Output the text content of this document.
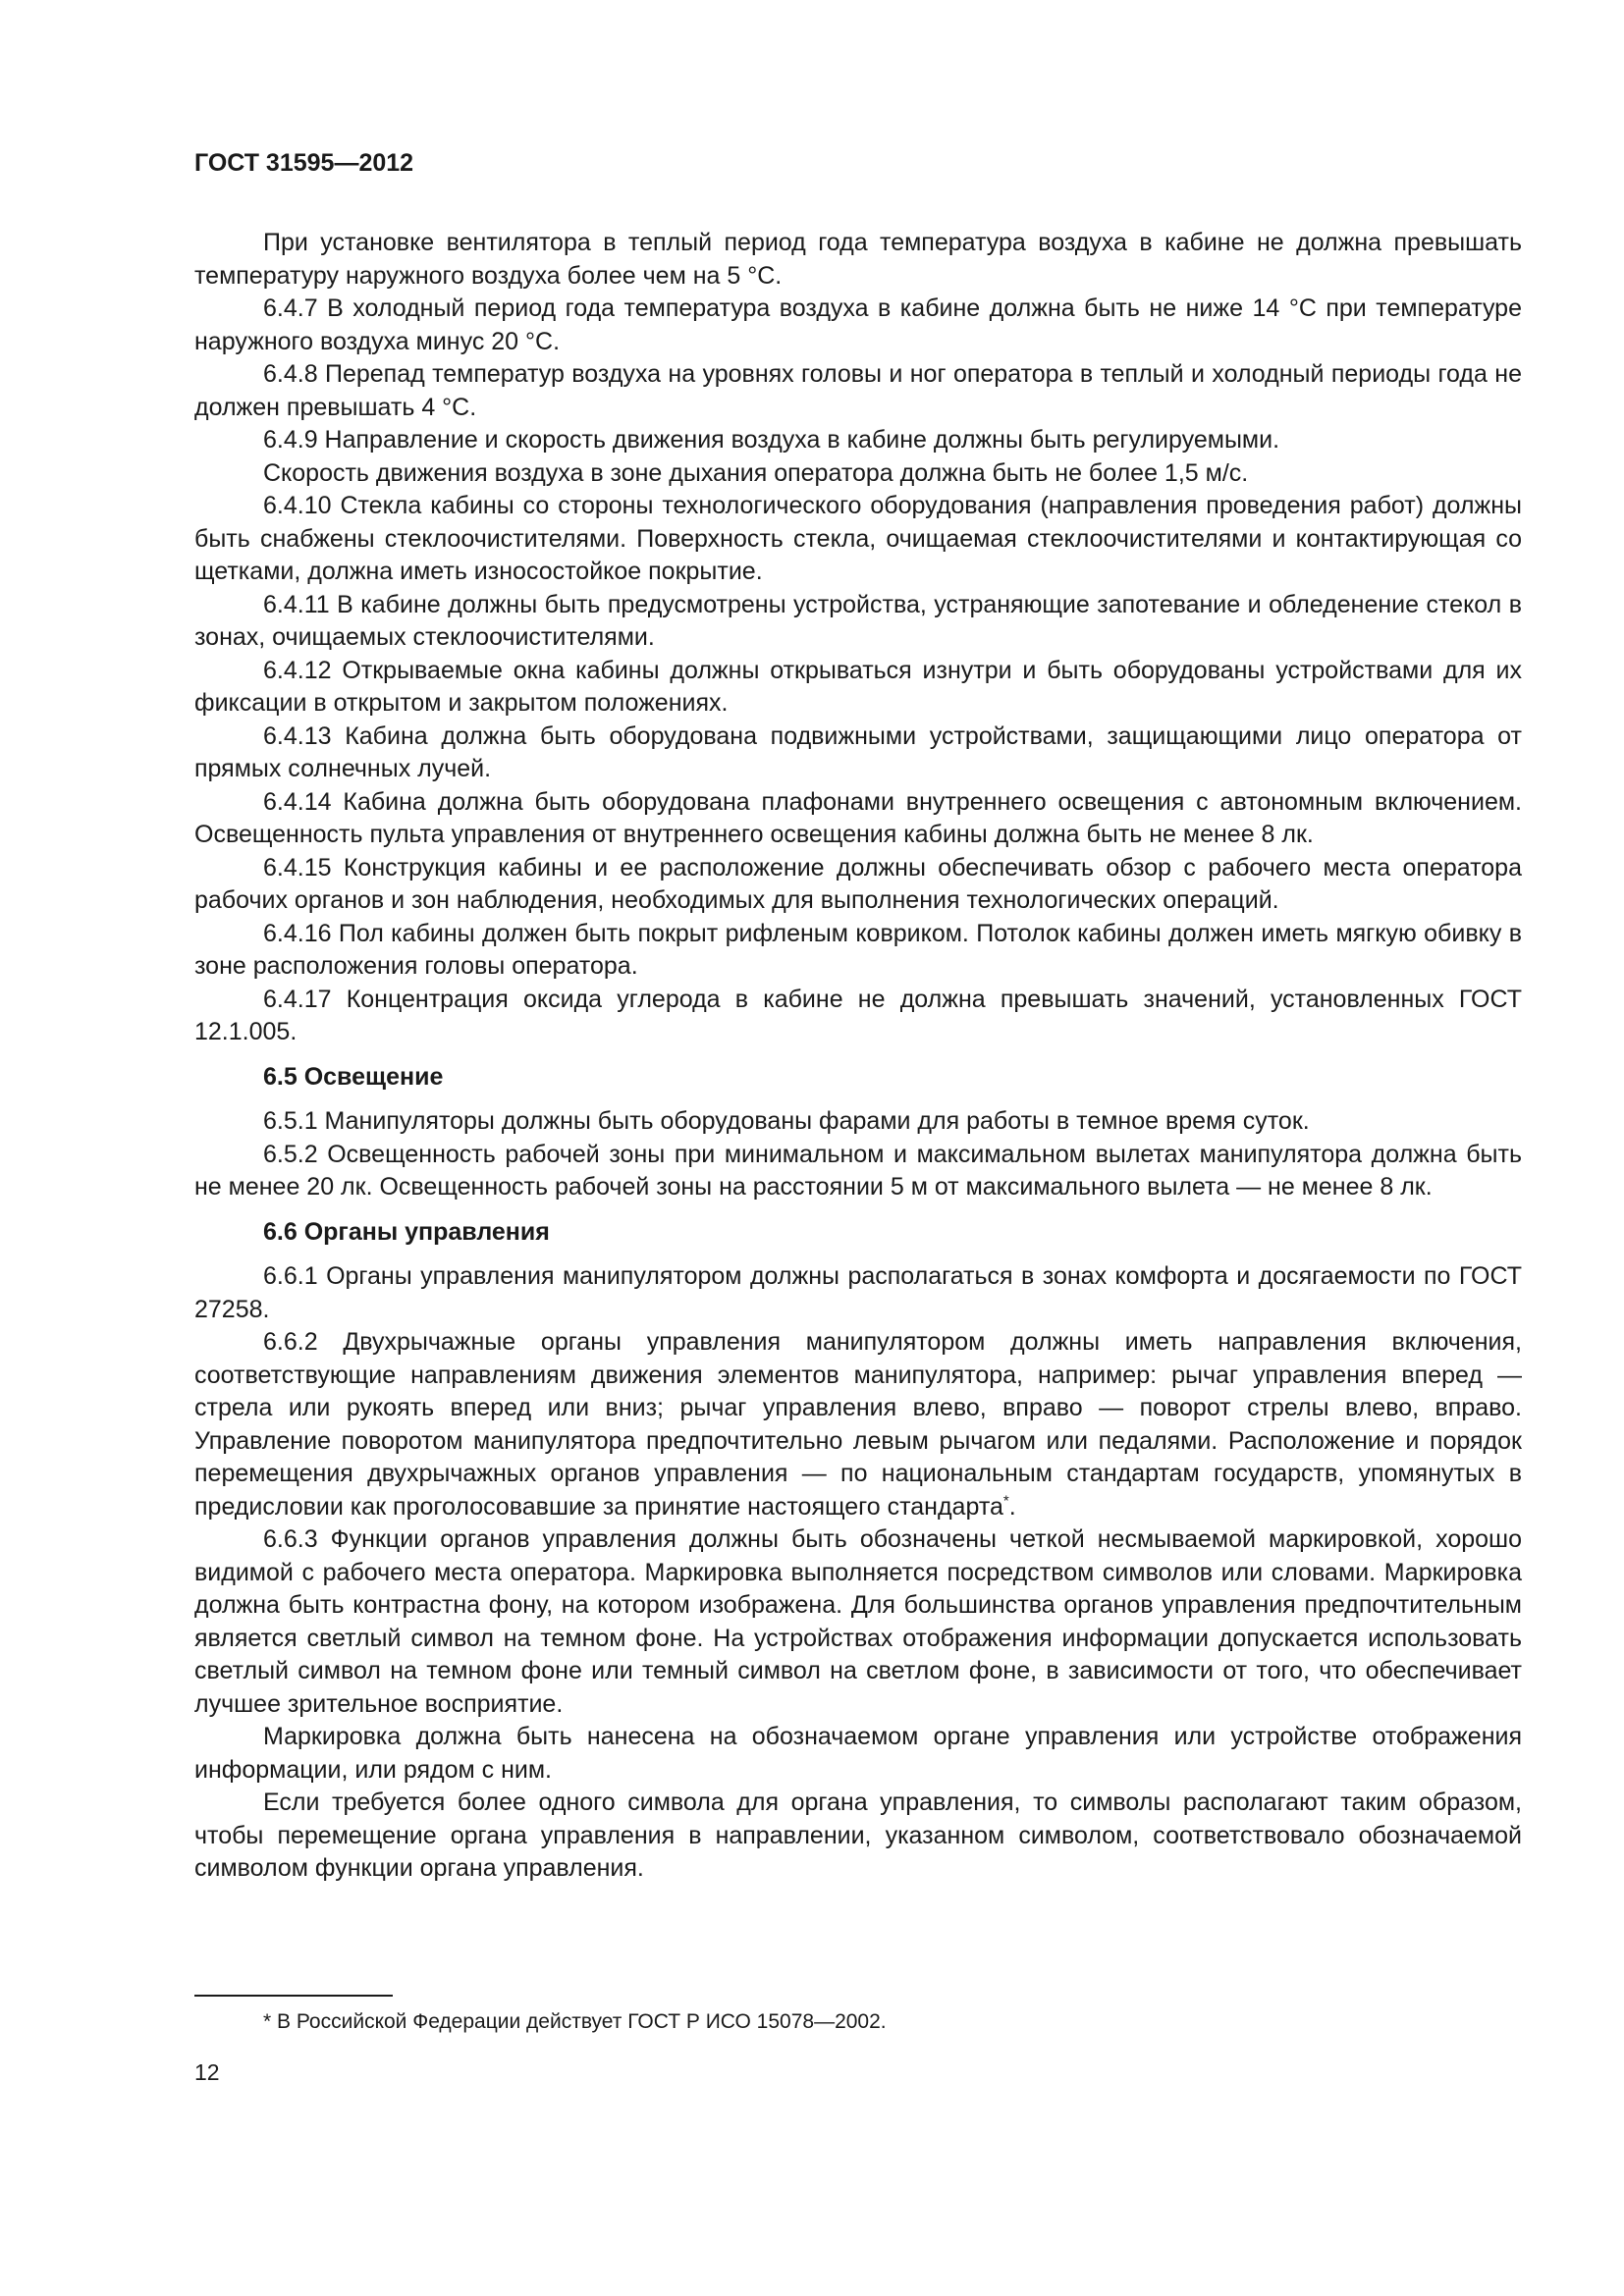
ГОСТ 31595—2012

При установке вентилятора в теплый период года температура воздуха в кабине не должна превышать температуру наружного воздуха более чем на 5 °C.

6.4.7 В холодный период года температура воздуха в кабине должна быть не ниже 14 °C при температуре наружного воздуха минус 20 °C.

6.4.8 Перепад температур воздуха на уровнях головы и ног оператора в теплый и холодный периоды года не должен превышать 4 °C.

6.4.9 Направление и скорость движения воздуха в кабине должны быть регулируемыми.

Скорость движения воздуха в зоне дыхания оператора должна быть не более 1,5 м/с.

6.4.10 Стекла кабины со стороны технологического оборудования (направления проведения работ) должны быть снабжены стеклоочистителями. Поверхность стекла, очищаемая стеклоочистителями и контактирующая со щетками, должна иметь износостойкое покрытие.

6.4.11 В кабине должны быть предусмотрены устройства, устраняющие запотевание и обледенение стекол в зонах, очищаемых стеклоочистителями.

6.4.12 Открываемые окна кабины должны открываться изнутри и быть оборудованы устройствами для их фиксации в открытом и закрытом положениях.

6.4.13 Кабина должна быть оборудована подвижными устройствами, защищающими лицо оператора от прямых солнечных лучей.

6.4.14 Кабина должна быть оборудована плафонами внутреннего освещения с автономным включением. Освещенность пульта управления от внутреннего освещения кабины должна быть не менее 8 лк.

6.4.15 Конструкция кабины и ее расположение должны обеспечивать обзор с рабочего места оператора рабочих органов и зон наблюдения, необходимых для выполнения технологических операций.

6.4.16 Пол кабины должен быть покрыт рифленым ковриком. Потолок кабины должен иметь мягкую обивку в зоне расположения головы оператора.

6.4.17 Концентрация оксида углерода в кабине не должна превышать значений, установленных ГОСТ 12.1.005.

6.5 Освещение

6.5.1 Манипуляторы должны быть оборудованы фарами для работы в темное время суток.

6.5.2 Освещенность рабочей зоны при минимальном и максимальном вылетах манипулятора должна быть не менее 20 лк. Освещенность рабочей зоны на расстоянии 5 м от максимального вылета — не менее 8 лк.

6.6 Органы управления

6.6.1 Органы управления манипулятором должны располагаться в зонах комфорта и досягаемости по ГОСТ 27258.

6.6.2 Двухрычажные органы управления манипулятором должны иметь направления включения, соответствующие направлениям движения элементов манипулятора, например: рычаг управления вперед — стрела или рукоять вперед или вниз; рычаг управления влево, вправо — поворот стрелы влево, вправо. Управление поворотом манипулятора предпочтительно левым рычагом или педалями. Расположение и порядок перемещения двухрычажных органов управления — по национальным стандартам государств, упомянутых в предисловии как проголосовавшие за принятие настоящего стандарта*.

6.6.3 Функции органов управления должны быть обозначены четкой несмываемой маркировкой, хорошо видимой с рабочего места оператора. Маркировка выполняется посредством символов или словами. Маркировка должна быть контрастна фону, на котором изображена. Для большинства органов управления предпочтительным является светлый символ на темном фоне. На устройствах отображения информации допускается использовать светлый символ на темном фоне или темный символ на светлом фоне, в зависимости от того, что обеспечивает лучшее зрительное восприятие.

Маркировка должна быть нанесена на обозначаемом органе управления или устройстве отображения информации, или рядом с ним.

Если требуется более одного символа для органа управления, то символы располагают таким образом, чтобы перемещение органа управления в направлении, указанном символом, соответствовало обозначаемой символом функции органа управления.

* В Российской Федерации действует ГОСТ Р ИСО 15078—2002.

12
